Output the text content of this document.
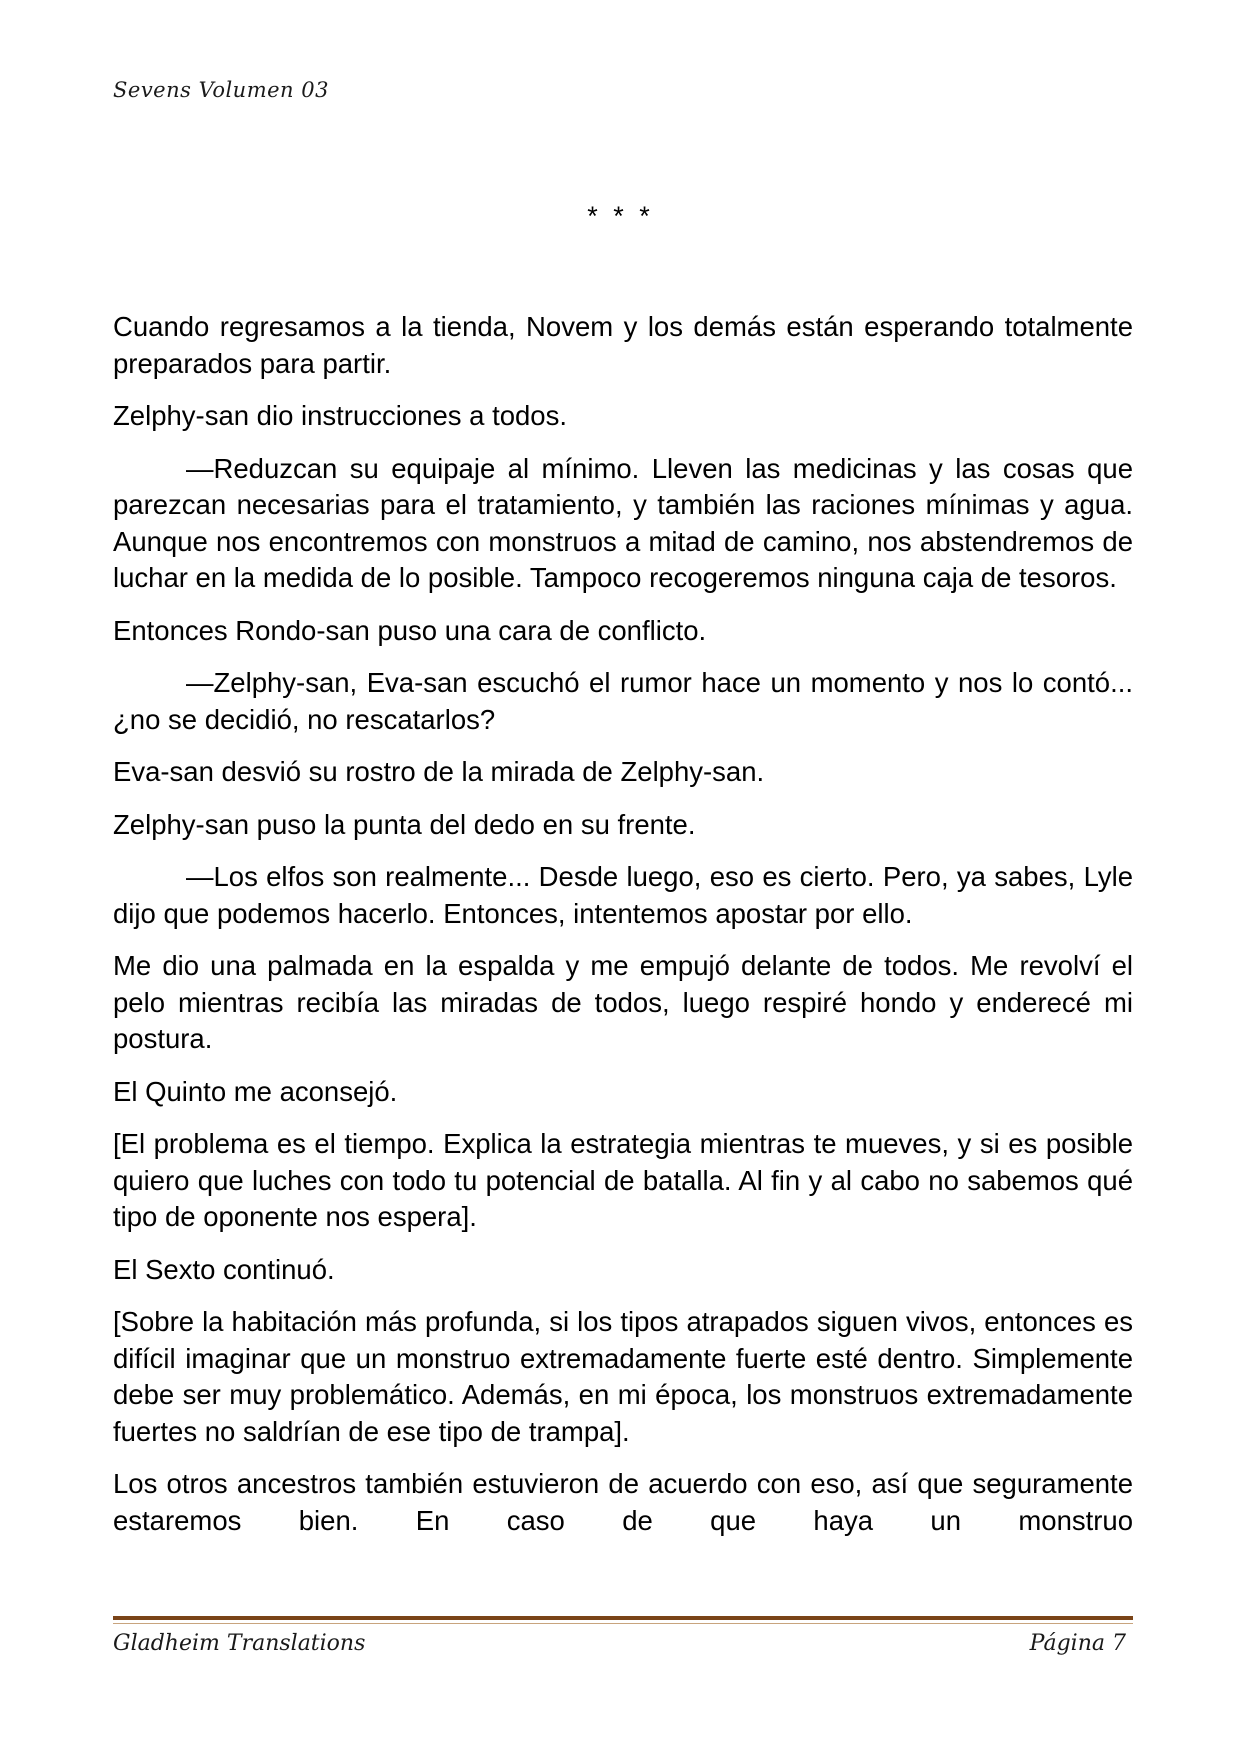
Sevens Volumen 03
* * *

Cuando regresamos a la tienda, Novem y los demás están esperando totalmente preparados para partir.

Zelphy-san dio instrucciones a todos.

—Reduzcan su equipaje al mínimo. Lleven las medicinas y las cosas que parezcan necesarias para el tratamiento, y también las raciones mínimas y agua. Aunque nos encontremos con monstruos a mitad de camino, nos abstendremos de luchar en la medida de lo posible. Tampoco recogeremos ninguna caja de tesoros.

Entonces Rondo-san puso una cara de conflicto.

—Zelphy-san, Eva-san escuchó el rumor hace un momento y nos lo contó... ¿no se decidió, no rescatarlos?

Eva-san desvió su rostro de la mirada de Zelphy-san.

Zelphy-san puso la punta del dedo en su frente.

—Los elfos son realmente... Desde luego, eso es cierto. Pero, ya sabes, Lyle dijo que podemos hacerlo. Entonces, intentemos apostar por ello.

Me dio una palmada en la espalda y me empujó delante de todos. Me revolví el pelo mientras recibía las miradas de todos, luego respiré hondo y enderecé mi postura.

El Quinto me aconsejó.

[El problema es el tiempo. Explica la estrategia mientras te mueves, y si es posible quiero que luches con todo tu potencial de batalla. Al fin y al cabo no sabemos qué tipo de oponente nos espera].

El Sexto continuó.

[Sobre la habitación más profunda, si los tipos atrapados siguen vivos, entonces es difícil imaginar que un monstruo extremadamente fuerte esté dentro. Simplemente debe ser muy problemático. Además, en mi época, los monstruos extremadamente fuertes no saldrían de ese tipo de trampa].

Los otros ancestros también estuvieron de acuerdo con eso, así que seguramente estaremos bien. En caso de que haya un monstruo

Gladheim Translations	Página 7
